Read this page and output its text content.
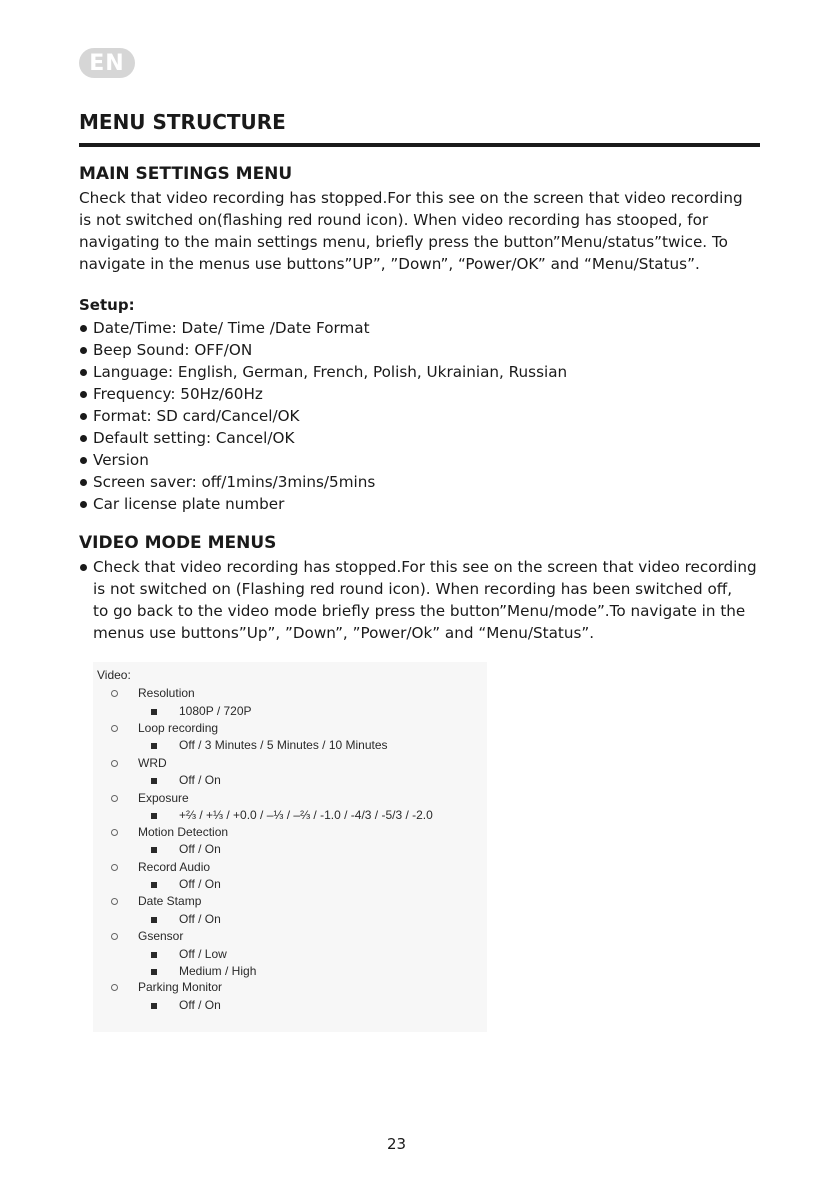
EN
MENU STRUCTURE
MAIN SETTINGS MENU

Check that video recording has stopped.For this see on the screen that video recording
is not switched on(flashing red round icon). When video recording has stooped, for
navigating to the main settings menu, briefly press the button”Menu/status”twice. To
navigate in the menus use buttons”UP”, ”Down”, “Power/OK” and “Menu/Status”.

Setup:

Date/Time: Date/ Time /Date Format
Beep Sound: OFF/ON
Language: English, German, French, Polish, Ukrainian, Russian
Frequency: 50Hz/60Hz
Format: SD card/Cancel/OK
Default setting: Cancel/OK
Version
Screen saver: off/1mins/3mins/5mins
Car license plate number
VIDEO MODE MENUS

Check that video recording has stopped.For this see on the screen that video recording
is not switched on (Flashing red round icon). When recording has been switched off,
to go back to the video mode briefly press the button”Menu/mode”.To navigate in the
menus use buttons”Up”, ”Down”, ”Power/Ok” and “Menu/Status”.

Video:
Resolution
1080P / 720P
Loop recording
Off / 3 Minutes / 5 Minutes / 10 Minutes
WRD
Off / On
Exposure
+⅔ / +⅓ / +0.0 / –⅓ / –⅔ / -1.0 / -4/3 / -5/3 / -2.0
Motion Detection
Off / On
Record Audio
Off / On
Date Stamp
Off / On
Gsensor
Off / Low
Medium / High
Parking Monitor
Off / On
23
